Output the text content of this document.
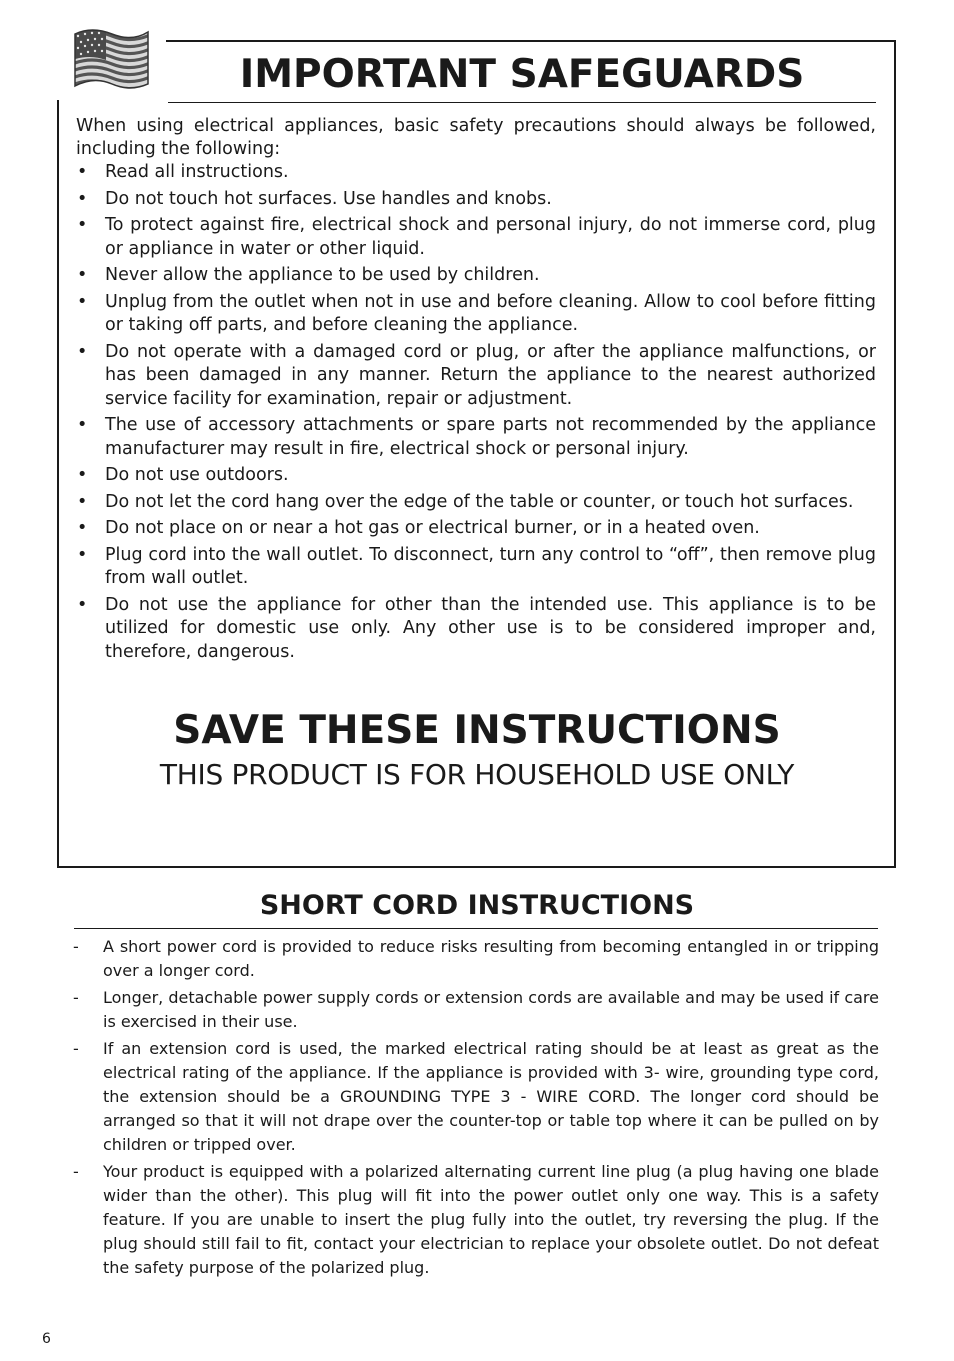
IMPORTANT SAFEGUARDS

When using electrical appliances, basic safety precautions should always be followed, including the following:

• Read all instructions.
• Do not touch hot surfaces. Use handles and knobs.
• To protect against fire, electrical shock and personal injury, do not immerse cord, plug or appliance in water or other liquid.
• Never allow the appliance to be used by children.
• Unplug from the outlet when not in use and before cleaning. Allow to cool before fitting or taking off parts, and before cleaning the appliance.
• Do not operate with a damaged cord or plug, or after the appliance malfunctions, or has been damaged in any manner. Return the appliance to the nearest authorized service facility for examination, repair or adjustment.
• The use of accessory attachments or spare parts not recommended by the appliance manufacturer may result in fire, electrical shock or personal injury.
• Do not use outdoors.
• Do not let the cord hang over the edge of the table or counter, or touch hot surfaces.
• Do not place on or near a hot gas or electrical burner, or in a heated oven.
• Plug cord into the wall outlet. To disconnect, turn any control to “off”, then remove plug from wall outlet.
• Do not use the appliance for other than the intended use. This appliance is to be utilized for domestic use only. Any other use is to be considered improper and, therefore, dangerous.
SAVE THESE INSTRUCTIONS
THIS PRODUCT IS FOR HOUSEHOLD USE ONLY
SHORT CORD INSTRUCTIONS
- A short power cord is provided to reduce risks resulting from becoming entangled in or tripping over a longer cord.
- Longer, detachable power supply cords or extension cords are available and may be used if care is exercised in their use.
- If an extension cord is used, the marked electrical rating should be at least as great as the electrical rating of the appliance. If the appliance is provided with 3- wire, grounding type cord, the extension should be a GROUNDING TYPE 3 - WIRE CORD. The longer cord should be arranged so that it will not drape over the counter-top or table top where it can be pulled on by children or tripped over.
- Your product is equipped with a polarized alternating current line plug (a plug having one blade wider than the other). This plug will fit into the power outlet only one way. This is a safety feature. If you are unable to insert the plug fully into the outlet, try reversing the plug. If the plug should still fail to fit, contact your electrician to replace your obsolete outlet. Do not defeat the safety purpose of the polarized plug.
6
